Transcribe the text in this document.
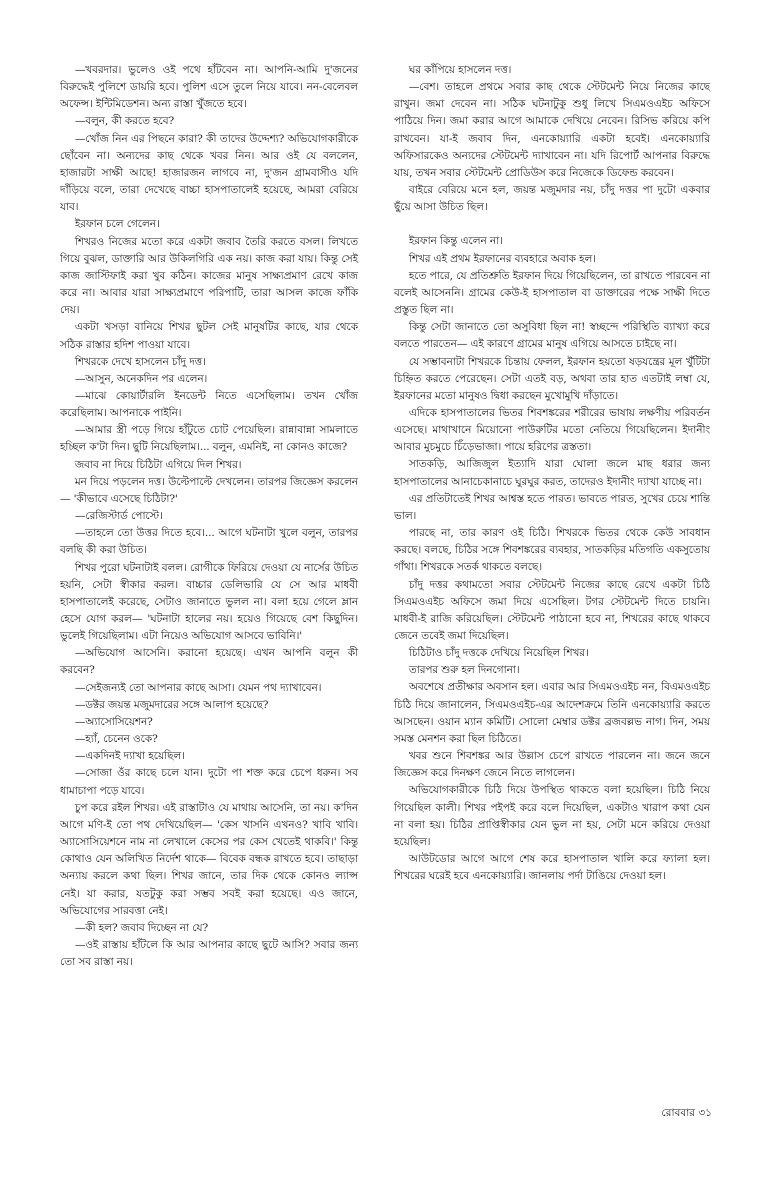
—খবরদার। ভুলেও ওই পথে হাঁটবেন না। আপনি-আমি দু'জনের বিরুদ্ধেই পুলিশে ডায়রি হবে। পুলিশ এসে তুলে নিয়ে যাবে। নন-বেলেবল অফেন্স। ইন্টিমিডেশন। অন্য রাস্তা খুঁজতে হবে।

—বলুন, কী করতে হবে?

—খোঁজ নিন এর পিছনে কারা? কী তাদের উদ্দেশ্য? অভিযোগকারীকে ছোঁবেন না। অন্যদের কাছ থেকে খবর নিন। আর ওই যে বললেন, হাজারটা সাক্ষী আছে! হাজারজন লাগবে না, দু'জন গ্রামবাসীও যদি দাঁড়িয়ে বলে, তারা দেখেছে বাচ্চা হাসপাতালেই হয়েছে, আমরা বেরিয়ে যাব।

ইরফান চলে গেলেন।

শিখরও নিজের মতো করে একটা জবাব তৈরি করতে বসল। লিখতে গিয়ে বুঝল, ডাক্তারি আর উকিলগিরি এক নয়। কাজ করা যায়। কিন্তু সেই কাজ জাস্টিফাই করা খুব কঠিন। কাজের মানুষ সাক্ষ্যপ্রমাণ রেখে কাজ করে না। আবার যারা সাক্ষ্যপ্রমাণে পরিপাটি, তারা আসল কাজে ফাঁকি দেয়।

একটা খসড়া বানিয়ে শিখর ছুটল সেই মানুষটির কাছে, যার থেকে সঠিক রাস্তার হদিশ পাওয়া যাবে।

শিখরকে দেখে হাসলেন চাঁদু দত্ত।

—আসুন, অনেকদিন পর এলেন।

—মাঝে কোয়ার্টারলি ইনডেন্ট নিতে এসেছিলাম। তখন খোঁজ করেছিলাম। আপনাকে পাইনি।

—আমার স্ত্রী পড়ে গিয়ে হাঁটুতে চোট পেয়েছিল। রান্নাবান্না সামলাতে হচ্ছিল ক'টা দিন। ছুটি নিয়েছিলাম।... বলুন, এমনিই, না কোনও কাজে?

জবাব না দিয়ে চিঠিটা এগিয়ে দিল শিখর।

মন দিয়ে পড়লেন দত্ত। উল্টেপাল্টে দেখলেন। তারপর জিজ্ঞেস করলেন— 'কীভাবে এসেছে চিঠিটা?'

—রেজিস্টার্ড পোস্টে।

—তাহলে তো উত্তর দিতে হবে।... আগে ঘটনাটা খুলে বলুন, তারপর বলছি কী করা উচিত।

শিখর পুরো ঘটনাটাই বলল। রোগীকে ফিরিয়ে দেওয়া যে নার্সের উচিত হয়নি, সেটা স্বীকার করল। বাচ্চার ডেলিভারি যে সে আর মাধবী হাসপাতালেই করেছে, সেটাও জানাতে ভুলল না। বলা হয়ে গেলে ম্লান হেসে যোগ করল— 'ঘটনাটা হালের নয়। হয়েও গিয়েছে বেশ কিছুদিন। ভুলেই গিয়েছিলাম। এটা নিয়েও অভিযোগ আসবে ভাবিনি।'

—অভিযোগ আসেনি। করানো হয়েছে। এখন আপনি বলুন কী করবেন?

—সেইজন্যই তো আপনার কাছে আসা। যেমন পথ দ্যাখাবেন।

—ডক্টর জয়ন্ত মজুমদারের সঙ্গে আলাপ হয়েছে?

—অ্যাসোসিয়েশন?

—হ্যাঁ, চেনেন ওকে?

—একদিনই দ্যাখা হয়েছিল।

—সোজা ওঁর কাছে চলে যান। দুটো পা শক্ত করে চেপে ধরুন। সব ধামাচাপা পড়ে যাবে।

চুপ করে রইল শিখর। এই রাস্তাটাও যে মাথায় আসেনি, তা নয়। ক'দিন আগে মণি-ই তো পথ দেখিয়েছিল— 'কেস খাসনি এখনও? খাবি খাবি। অ্যাসোসিয়েশনে নাম না লেখালে কেসের পর কেস খেতেই থাকবি।' কিন্তু কোথাও যেন অলিখিত নির্দেশ থাকে— বিবেক বন্ধক রাখতে হবে। তাছাড়া অন্যায় করলে কথা ছিল। শিখর জানে, তার দিক থেকে কোনও ল্যাপ্স নেই। যা করার, যতটুকু করা সম্ভব সবই করা হয়েছে। এও জানে, অভিযোগের সারবত্তা নেই।

—কী হল? জবাব দিচ্ছেন না যে?

—ওই রাস্তায় হাঁটলে কি আর আপনার কাছে ছুটে আসি? সবার জন্য তো সব রাস্তা নয়।

ঘর কাঁপিয়ে হাসলেন দত্ত।

—বেশ। তাহলে প্রথমে সবার কাছ থেকে স্টেটমেন্ট নিয়ে নিজের কাছে রাখুন। জমা দেবেন না। সঠিক ঘটনাটুকু শুধু লিখে সিএমওএইচ অফিসে পাঠিয়ে দিন। জমা করার আগে আমাকে দেখিয়ে নেবেন। রিসিভ করিয়ে কপি রাখবেন। যা-ই জবাব দিন, এনকোয়্যারি একটা হবেই। এনকোয়্যারি অফিসারকেও অন্যদের স্টেটমেন্ট দ্যাখাবেন না। যদি রিপোর্ট আপনার বিরুদ্ধে যায়, তখন সবার স্টেটমেন্ট প্রোডিউস করে নিজেকে ডিফেন্ড করবেন।

বাইরে বেরিয়ে মনে হল, জয়ন্ত মজুমদার নয়, চাঁদু দত্তর পা দুটো একবার ছুঁয়ে আসা উচিত ছিল।

ইরফান কিন্তু এলেন না।

শিখর এই প্রথম ইরফানের ব্যবহারে অবাক হল।

হতে পারে, যে প্রতিশ্রুতি ইরফান দিয়ে গিয়েছিলেন, তা রাখতে পারবেন না বলেই আসেননি। গ্রামের কেউ-ই হাসপাতাল বা ডাক্তারের পক্ষে সাক্ষী দিতে প্রস্তুত ছিল না।

কিন্তু সেটা জানাতে তো অসুবিধা ছিল না! স্বচ্ছন্দে পরিস্থিতি ব্যাখ্যা করে বলতে পারতেন— এই কারণে গ্রামের মানুষ এগিয়ে আসতে চাইছে না।

যে সম্ভাবনাটা শিখরকে চিন্তায় ফেলল, ইরফান হয়তো ষড়যন্ত্রের মূল খুঁটিটা চিহ্নিত করতে পেরেছেন। সেটা এতই বড়, অথবা তার হাত এতটাই লম্বা যে, ইরফানের মতো মানুষও দ্বিধা করছেন মুখোমুখি দাঁড়াতে।

এদিকে হাসপাতালের ভিতর শিবশঙ্করের শরীরের ভাষায় লক্ষণীয় পরিবর্তন এসেছে। মাথাখানে মিয়োনো পাউরুটির মতো নেতিয়ে গিয়েছিলেন। ইদানীং আবার মুচমুচে চিঁড়েভাজা। পায়ে হরিণের ত্রস্ততা।

সাতকড়ি, আজিজুল ইত্যাদি যারা ঘোলা জলে মাছ ধরার জন্য হাসপাতালের আনাচেকানাচে ঘুরঘুর করত, তাদেরও ইদানীং দ্যাখা যাচ্ছে না।

এর প্রতিটাতেই শিখর আশ্বস্ত হতে পারত। ভাবতে পারত, সুখের চেয়ে শান্তি ভাল।

পারছে না, তার কারণ ওই চিঠি। শিখরকে ভিতর থেকে কেউ সাবধান করছে। বলছে, চিঠির সঙ্গে শিবশঙ্করের ব্যবহার, সাতকড়ির মতিগতি একসুতোয় গাঁথা। শিখরকে সতর্ক থাকতে বলছে।

চাঁদু দত্তর কথামতো সবার স্টেটমেন্ট নিজের কাছে রেখে একটা চিঠি সিএমওএইচ অফিসে জমা দিয়ে এসেছিল। টগর স্টেটমেন্ট দিতে চায়নি। মাধবী-ই রাজি করিয়েছিল। স্টেটমেন্ট পাঠানো হবে না, শিখরের কাছে থাকবে জেনে তবেই জমা দিয়েছিল।

চিঠিটাও চাঁদু দত্তকে দেখিয়ে নিয়েছিল শিখর।

তারপর শুরু হল দিনগোনা।

অবশেষে প্রতীক্ষার অবসান হল। এবার আর সিএমওএইচ নন, বিএমওএইচ চিঠি দিয়ে জানালেন, সিএমওএইচ-এর আদেশক্রমে তিনি এনকোয়্যারি করতে আসছেন। ওয়ান ম্যান কমিটি। সোলো মেম্বার ডক্টর ব্রজবল্লভ নাগ। দিন, সময় সমস্ত মেনশন করা ছিল চিঠিতে।

খবর শুনে শিবশঙ্কর আর উল্লাস চেপে রাখতে পারলেন না। জনে জনে জিজ্ঞেস করে দিনক্ষণ জেনে নিতে লাগলেন।

অভিযোগকারীকে চিঠি দিয়ে উপস্থিত থাকতে বলা হয়েছিল। চিঠি নিয়ে গিয়েছিল কালী। শিখর পইপই করে বলে দিয়েছিল, একটাও খারাপ কথা যেন না বলা হয়। চিঠির প্রাপ্তিস্বীকার যেন ভুল না হয়, সেটা মনে করিয়ে দেওয়া হয়েছিল।

আউটডোর আগে আগে শেষ করে হাসপাতাল খালি করে ফ্যালা হল। শিখরের ঘরেই হবে এনকোয়্যারি। জানলায় পর্দা টাঙিয়ে দেওয়া হল।

রোববার ৩১
